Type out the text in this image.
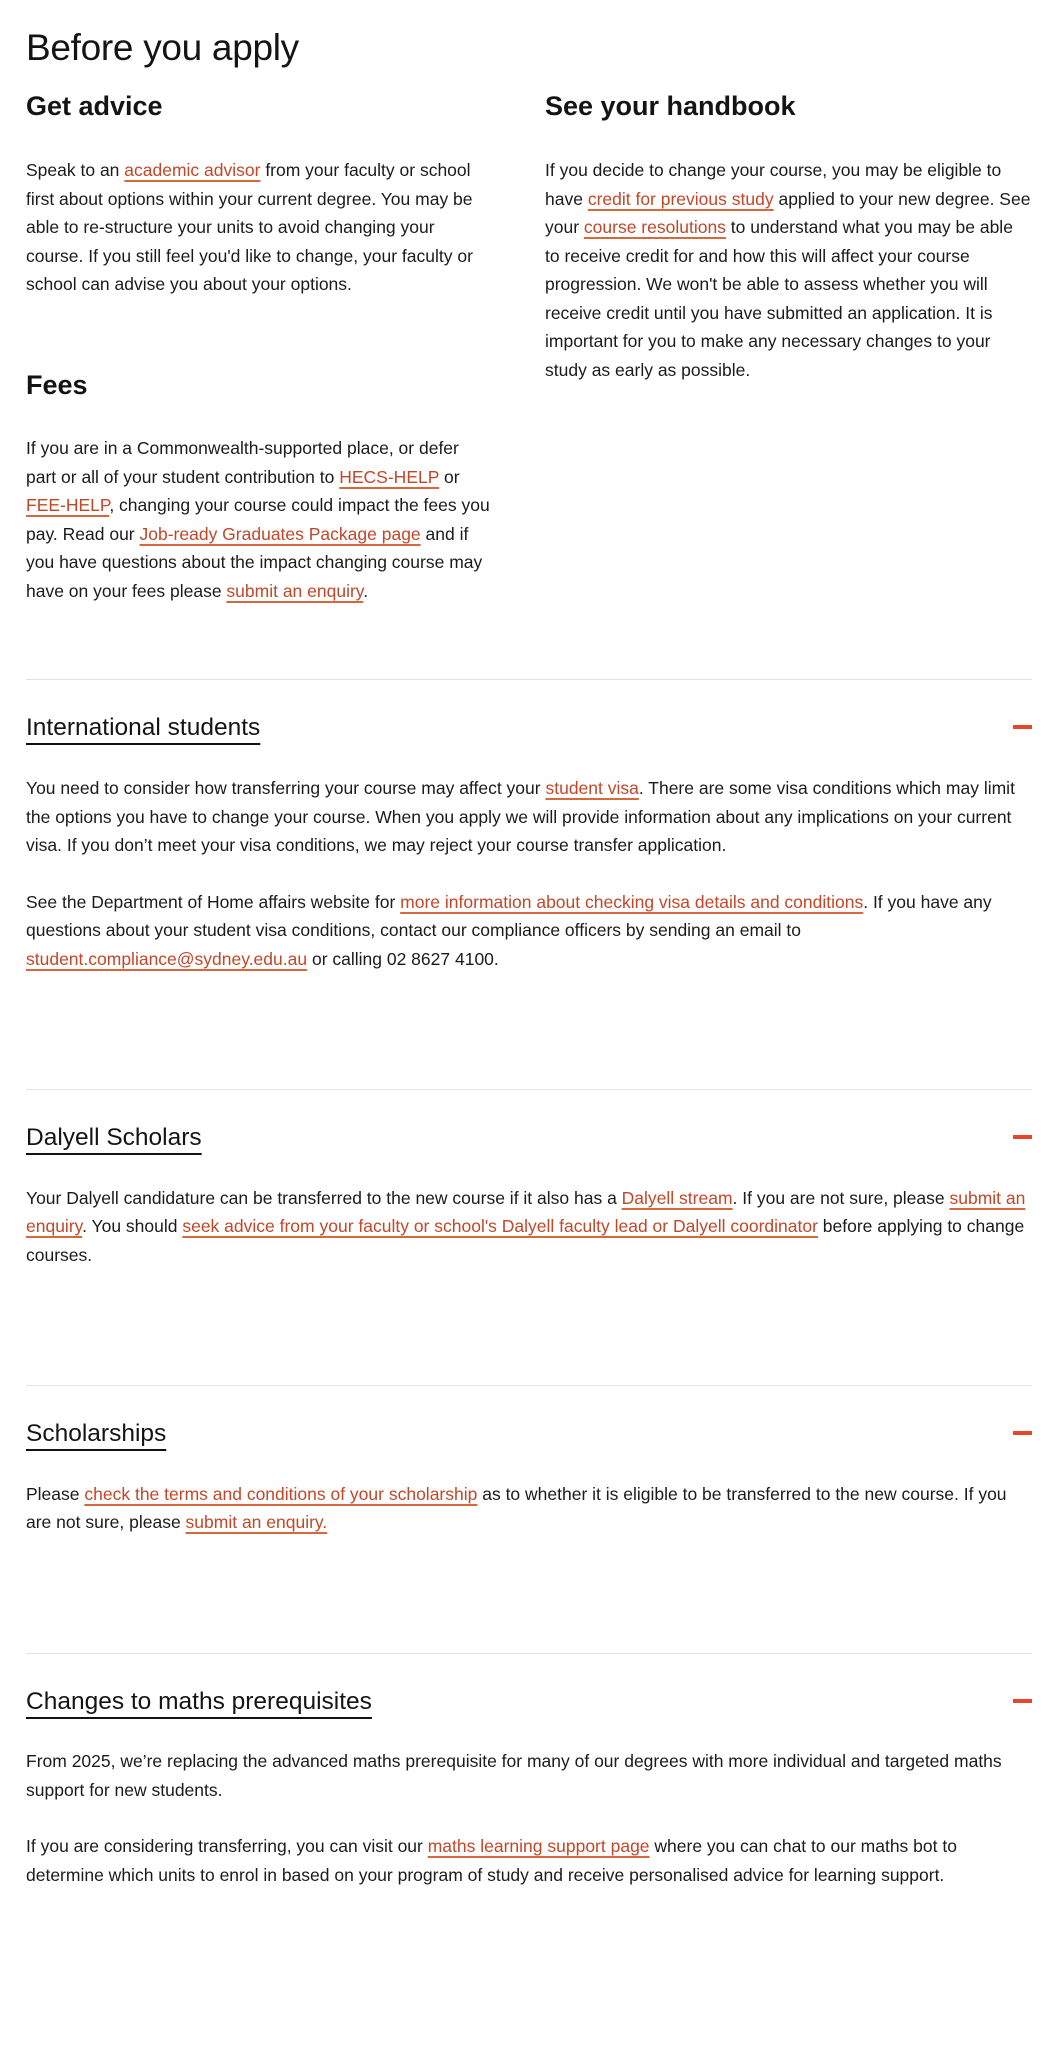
Before you apply
Get advice

Speak to an academic advisor from your faculty or school first about options within your current degree. You may be able to re-structure your units to avoid changing your course. If you still feel you'd like to change, your faculty or school can advise you about your options.

Fees

If you are in a Commonwealth-supported place, or defer part or all of your student contribution to HECS-HELP or FEE-HELP, changing your course could impact the fees you pay. Read our Job-ready Graduates Package page and if you have questions about the impact changing course may have on your fees please submit an enquiry.

See your handbook

If you decide to change your course, you may be eligible to have credit for previous study applied to your new degree. See your course resolutions to understand what you may be able to receive credit for and how this will affect your course progression. We won't be able to assess whether you will receive credit until you have submitted an application. It is important for you to make any necessary changes to your study as early as possible.

International students

You need to consider how transferring your course may affect your student visa. There are some visa conditions which may limit the options you have to change your course. When you apply we will provide information about any implications on your current visa. If you don’t meet your visa conditions, we may reject your course transfer application.

See the Department of Home affairs website for more information about checking visa details and conditions. If you have any questions about your student visa conditions, contact our compliance officers by sending an email to student.compliance@sydney.edu.au or calling 02 8627 4100.

Dalyell Scholars

Your Dalyell candidature can be transferred to the new course if it also has a Dalyell stream. If you are not sure, please submit an enquiry. You should seek advice from your faculty or school's Dalyell faculty lead or Dalyell coordinator before applying to change courses.

Scholarships

Please check the terms and conditions of your scholarship as to whether it is eligible to be transferred to the new course. If you are not sure, please submit an enquiry.

Changes to maths prerequisites

From 2025, we’re replacing the advanced maths prerequisite for many of our degrees with more individual and targeted maths support for new students.

If you are considering transferring, you can visit our maths learning support page where you can chat to our maths bot to determine which units to enrol in based on your program of study and receive personalised advice for learning support.
